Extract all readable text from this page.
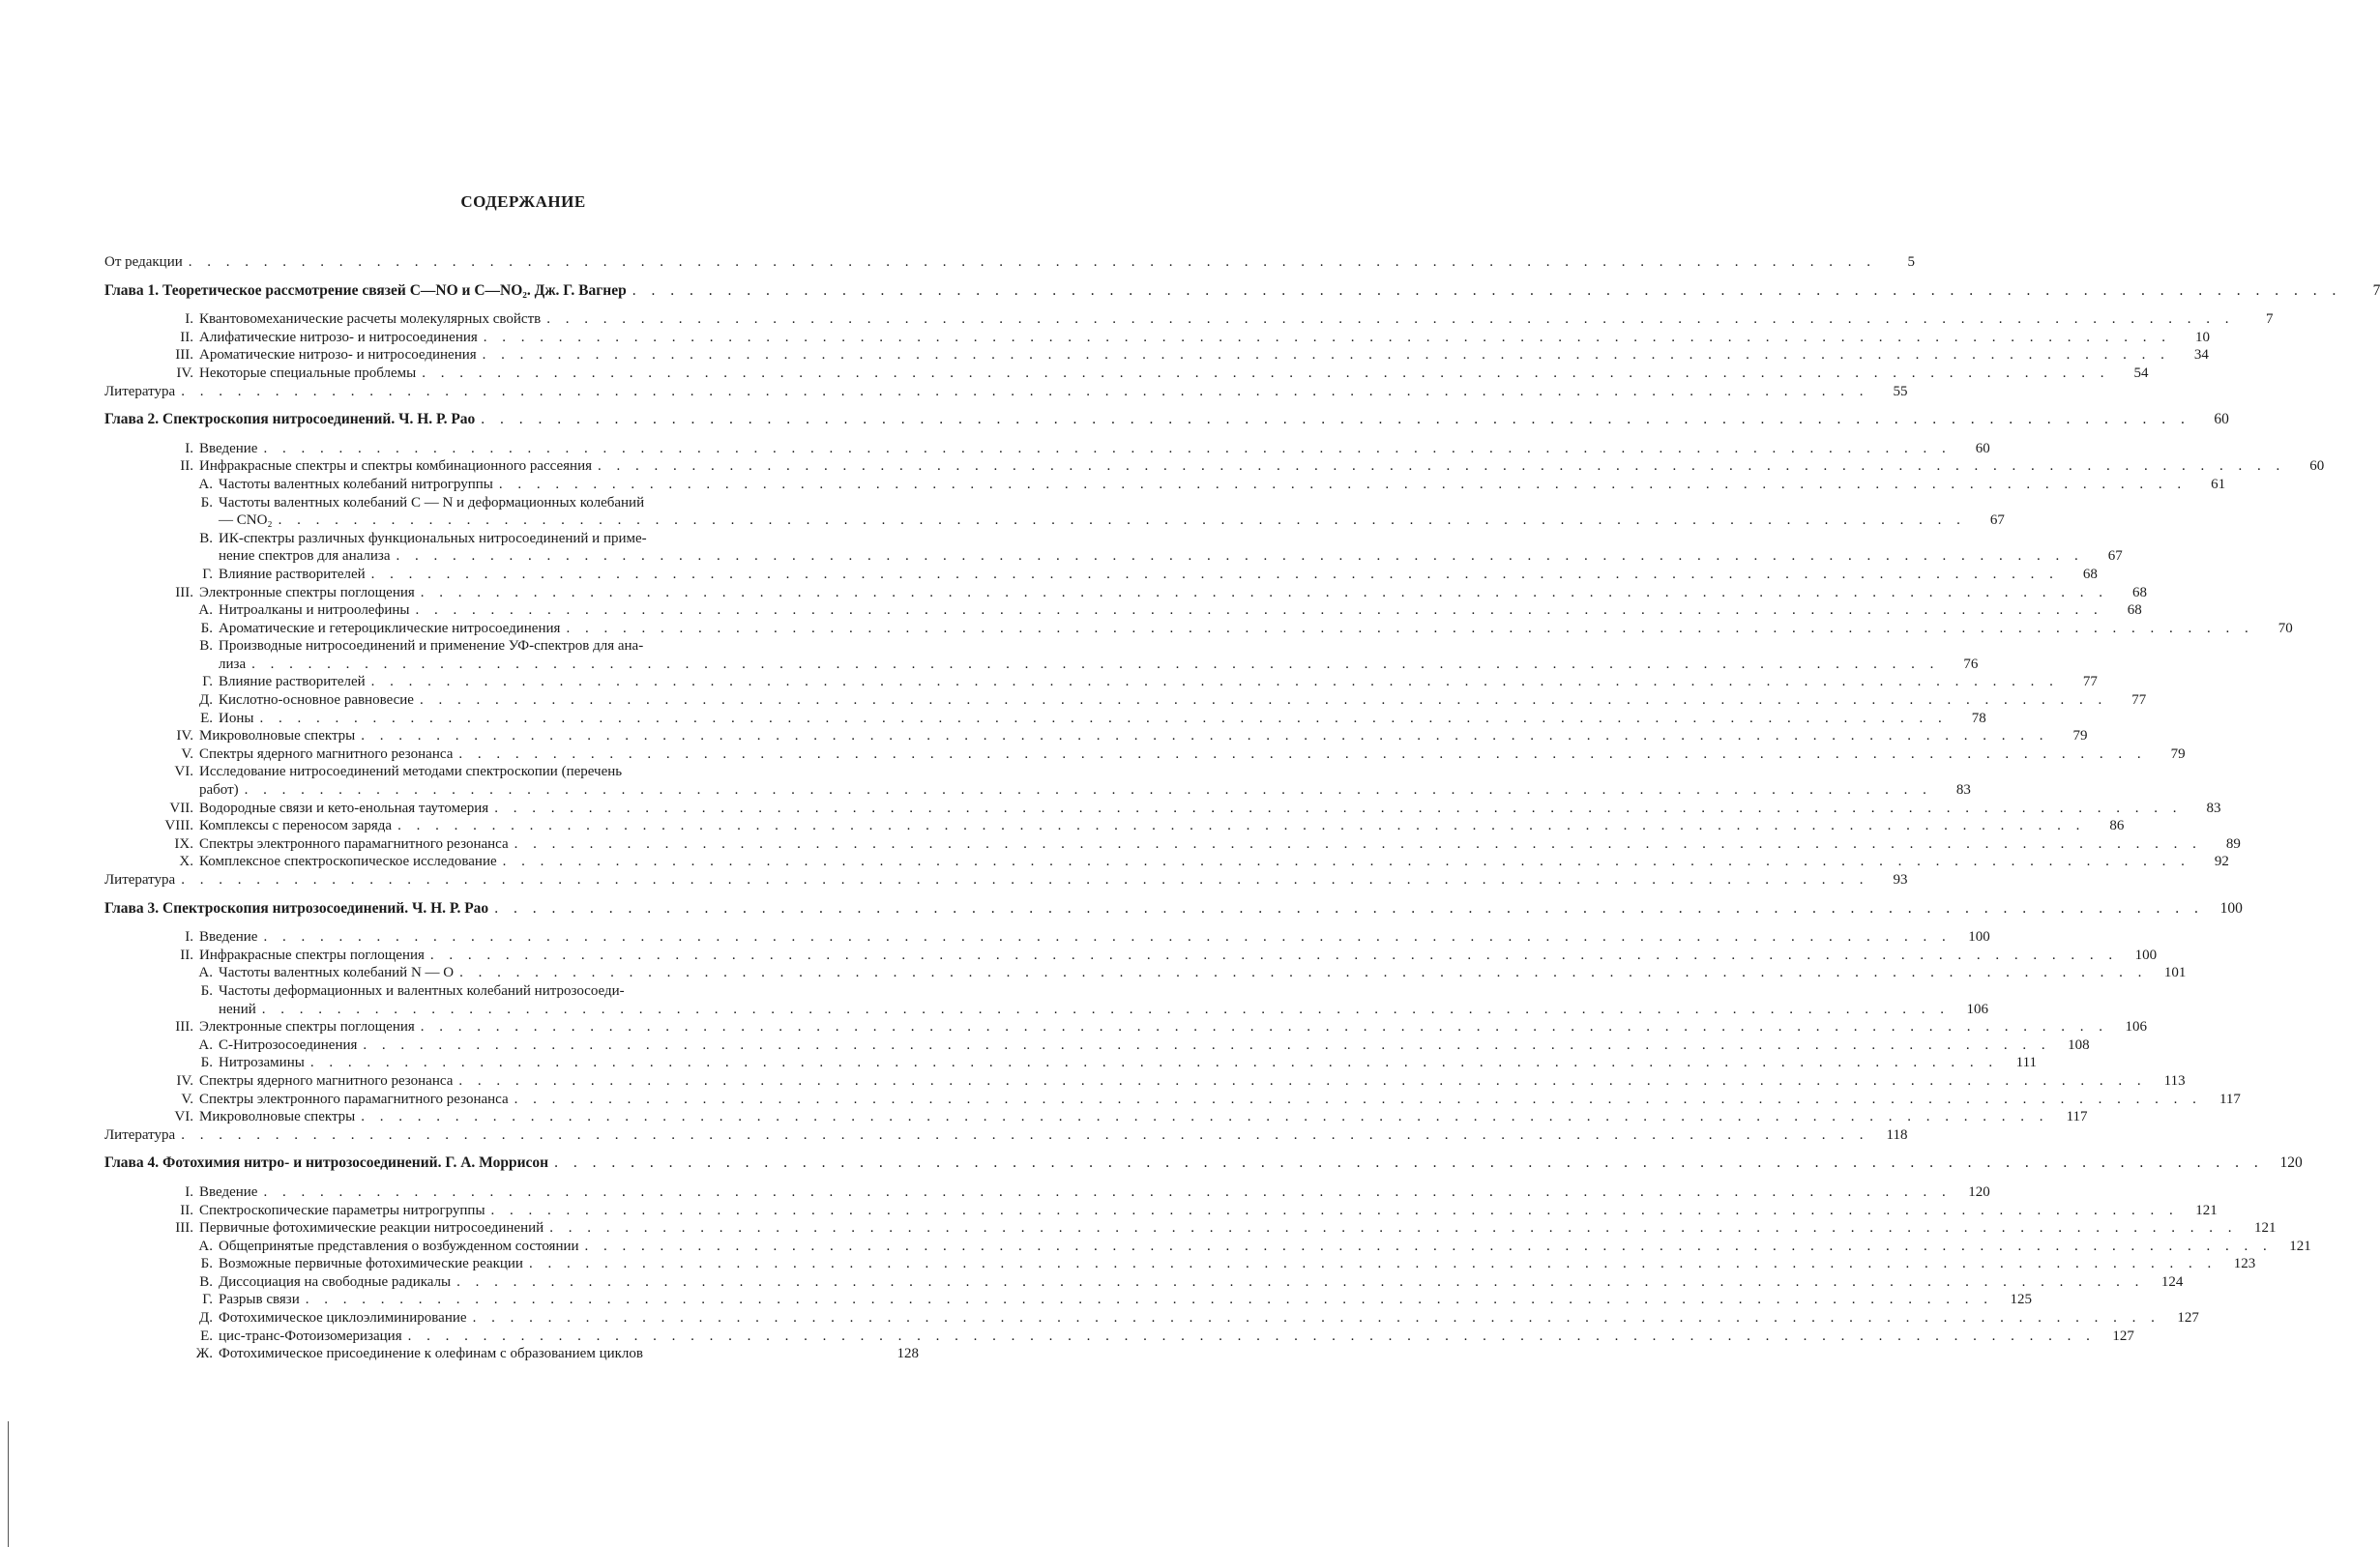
СОДЕРЖАНИЕ
От редакции . . .	5
Глава 1. Теоретическое рассмотрение связей C—NO и C—NO₂. Дж. Г. Вагнер . . .	7
I. Квантовомеханические расчеты молекулярных свойств . . .	7
II. Алифатические нитрозо- и нитросоединения . . .	10
III. Ароматические нитрозо- и нитросоединения . . .	34
IV. Некоторые специальные проблемы . . .	54
Литература . . .	55
Глава 2. Спектроскопия нитросоединений. Ч. Н. Р. Рао . . .	60
I. Введение . . .	60
II. Инфракрасные спектры и спектры комбинационного рассеяния . . .	60
А. Частоты валентных колебаний нитрогруппы . . .	61
Б. Частоты валентных колебаний C — N и деформационных колебаний
— CNO₂ . . .	67
В. ИК-спектры различных функциональных нитросоединений и приме-
нение спектров для анализа . . .	67
Г. Влияние растворителей . . .	68
III. Электронные спектры поглощения . . .	68
А. Нитроалканы и нитроолефины . . .	68
Б. Ароматические и гетероциклические нитросоединения . . .	70
В. Производные нитросоединений и применение УФ-спектров для ана-
лиза . . .	76
Г. Влияние растворителей . . .	77
Д. Кислотно-основное равновесие . . .	77
Е. Ионы . . .	78
IV. Микроволновые спектры . . .	79
V. Спектры ядерного магнитного резонанса . . .	79
VI. Исследование нитросоединений методами спектроскопии (перечень
работ) . . .	83
VII. Водородные связи и кето-енольная таутомерия . . .	83
VIII. Комплексы с переносом заряда . . .	86
IX. Спектры электронного парамагнитного резонанса . . .	89
X. Комплексное спектроскопическое исследование . . .	92
Литература . . .	93
Глава 3. Спектроскопия нитрозосоединений. Ч. Н. Р. Рао . . .	100
I. Введение . . .	100
II. Инфракрасные спектры поглощения . . .	100
А. Частоты валентных колебаний N — O . . .	101
Б. Частоты деформационных и валентных колебаний нитрозосоеди-
нений . . .	106
III. Электронные спектры поглощения . . .	106
А. С-Нитрозосоединения . . .	108
Б. Нитрозамины . . .	111
IV. Спектры ядерного магнитного резонанса . . .	113
V. Спектры электронного парамагнитного резонанса . . .	117
VI. Микроволновые спектры . . .	117
Литература . . .	118
Глава 4. Фотохимия нитро- и нитрозосоединений. Г. А. Моррисон . . .	120
I. Введение . . .	120
II. Спектроскопические параметры нитрогруппы . . .	121
III. Первичные фотохимические реакции нитросоединений . . .	121
А. Общепринятые представления о возбужденном состоянии . . .	121
Б. Возможные первичные фотохимические реакции . . .	123
В. Диссоциация на свободные радикалы . . .	124
Г. Разрыв связи . . .	125
Д. Фотохимическое циклоэлиминирование . . .	127
Е. цис-транс-Фотоизомеризация . . .	127
Ж. Фотохимическое присоединение к олефинам с образованием циклов	128
